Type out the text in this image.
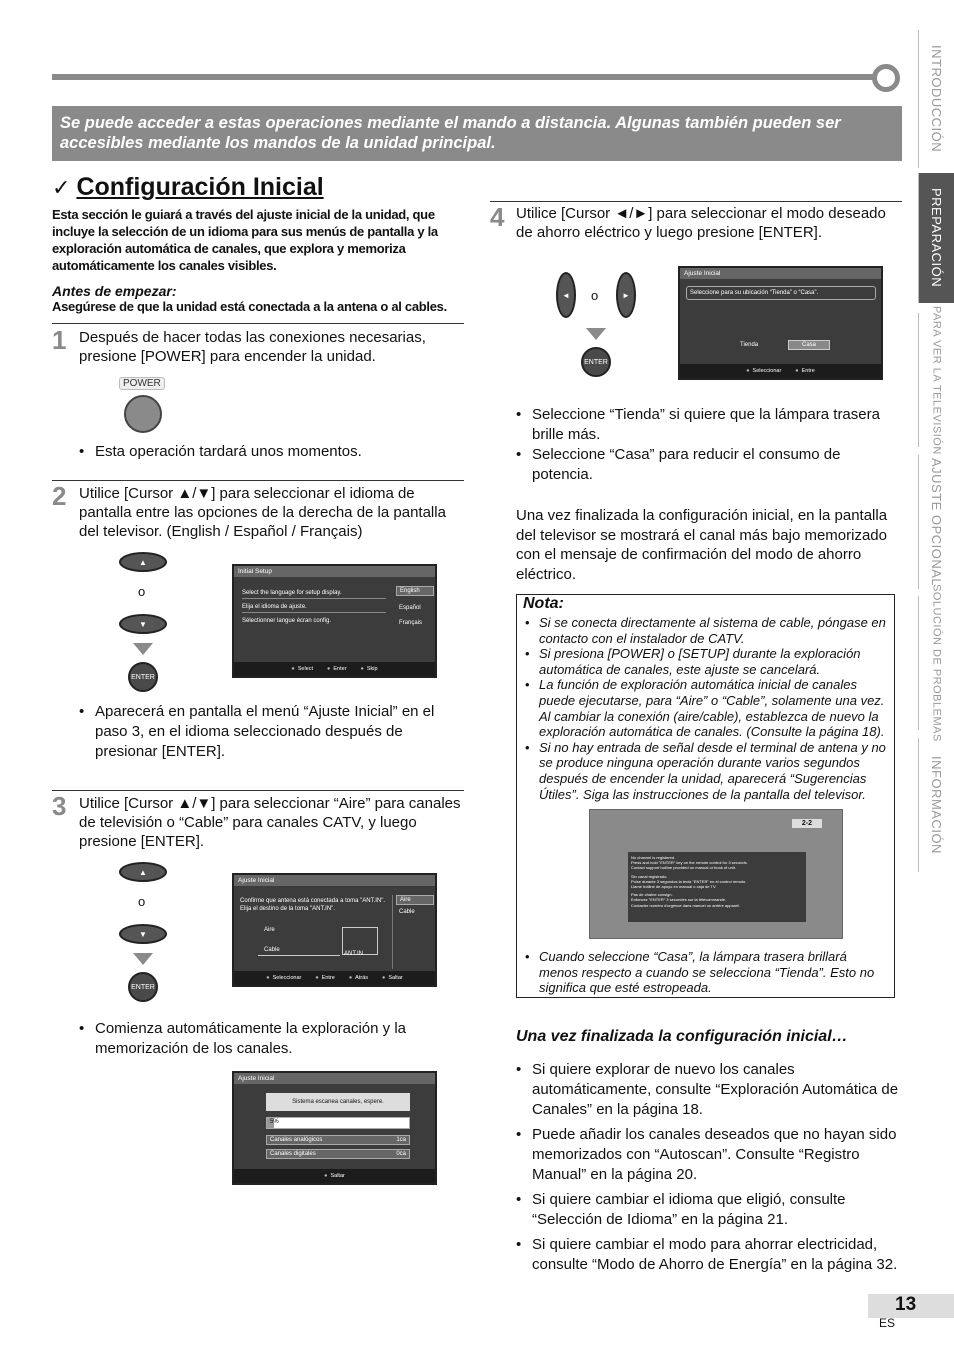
Se puede acceder a estas operaciones mediante el mando a distancia. Algunas también pueden ser accesibles mediante los mandos de la unidad principal.
✓ Configuración Inicial
Esta sección le guiará a través del ajuste inicial de la unidad, que incluye la selección de un idioma para sus menús de pantalla y la exploración automática de canales, que explora y memoriza automáticamente los canales visibles.
Antes de empezar:
Asegúrese de que la unidad está conectada a la antena o al cables.
1 Después de hacer todas las conexiones necesarias, presione [POWER] para encender la unidad.
POWER
• Esta operación tardará unos momentos.
2 Utilice [Cursor ▲/▼] para seleccionar el idioma de pantalla entre las opciones de la derecha de la pantalla del televisor. (English / Español / Français)
▲
o
▼
ENTER
Initial Setup
Select the language for setup display.
Elija el idioma de ajuste.
Sélectionner langue écran config.
English
Español
Français
● Select	● Enter	● Skip
• Aparecerá en pantalla el menú “Ajuste Inicial” en el paso 3, en el idioma seleccionado después de presionar [ENTER].
3 Utilice [Cursor ▲/▼] para seleccionar “Aire” para canales de televisión o “Cable” para canales CATV, y luego presione [ENTER].
▲
o
▼
ENTER
Ajuste Inicial
Confirme que antena está conectada a toma "ANT.IN". Elija el destino de la toma "ANT.IN".
Aire
Cable
ANT.IN
Aire
Cable
● Seleccionar	● Entre	● Atrás	● Saltar
• Comienza automáticamente la exploración y la memorización de los canales.
Ajuste Inicial
Sistema escanea canales, espere.
5%
Canales analógicos	1ca
Canales digitales	0ca
● Saltar
4 Utilice [Cursor ◄/►] para seleccionar el modo deseado de ahorro eléctrico y luego presione [ENTER].
◄	o	►
ENTER
Ajuste Inicial
Seleccione para su ubicación “Tienda” o “Casa”.
Tienda	Casa
● Seleccionar	● Entre
• Seleccione “Tienda” si quiere que la lámpara trasera brille más.
• Seleccione “Casa” para reducir el consumo de potencia.
Una vez finalizada la configuración inicial, en la pantalla del televisor se mostrará el canal más bajo memorizado con el mensaje de confirmación del modo de ahorro eléctrico.
Nota:
• Si se conecta directamente al sistema de cable, póngase en contacto con el instalador de CATV.
• Si presiona [POWER] o [SETUP] durante la exploración automática de canales, este ajuste se cancelará.
• La función de exploración automática inicial de canales puede ejecutarse, para “Aire” o “Cable”, solamente una vez. Al cambiar la conexión (aire/cable), establezca de nuevo la exploración automática de canales. (Consulte la página 18).
• Si no hay entrada de señal desde el terminal de antena y no se produce ninguna operación durante varios segundos después de encender la unidad, aparecerá “Sugerencias Útiles”. Siga las instrucciones de la pantalla del televisor.
2-2
No channel is registered.
Press and hold "ENTER" key on the remote control for 3 seconds.
Contact support hotline provided on manual or book of unit.
Sin canal registrado.
Pulse durante 3 segundos la tecla "ENTER" en el control remoto.
Llame hotline de apoyo en manual o caja de TV.
Pas de chaîne consign.
Enfoncez "ENTER" 3 secondes sur la télécommande.
Contacter numéro d'urgence dans manuel ou arrière appareil.
• Cuando seleccione “Casa”, la lámpara trasera brillará menos respecto a cuando se selecciona “Tienda”. Esto no significa que esté estropeada.
Una vez finalizada la configuración inicial…
• Si quiere explorar de nuevo los canales automáticamente, consulte “Exploración Automática de Canales” en la página 18.
• Puede añadir los canales deseados que no hayan sido memorizados con “Autoscan”. Consulte “Registro Manual” en la página 20.
• Si quiere cambiar el idioma que eligió, consulte “Selección de Idioma” en la página 21.
• Si quiere cambiar el modo para ahorrar electricidad, consulte “Modo de Ahorro de Energía” en la página 32.
INTRODUCCIÓN
PREPARACIÓN
PARA VER LA TELEVISIÓN
AJUSTE OPCIONAL
SOLUCIÓN DE PROBLEMAS
INFORMACIÓN
13
ES
